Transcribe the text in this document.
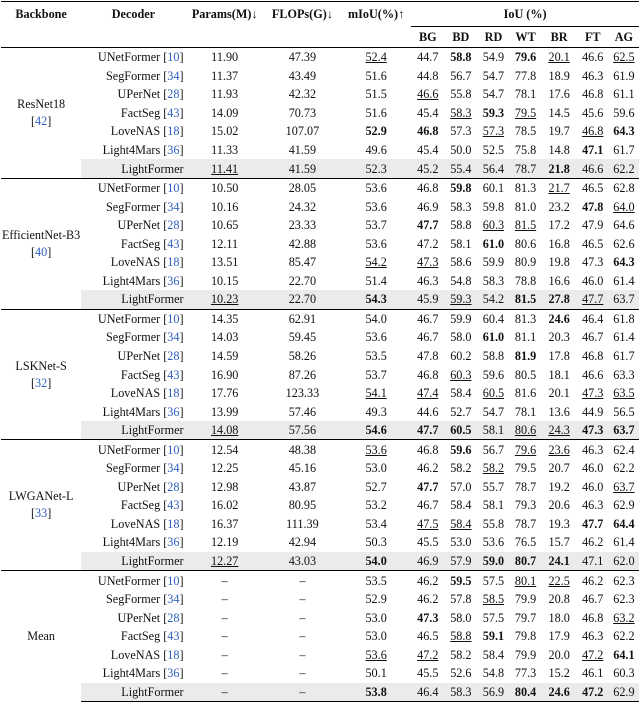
Backbone	Decoder	Params(M)↓	FLOPs(G)↓	mIoU(%)↑	IoU (%)						
					BG	BD	RD	WT	BR	FT	AG

ResNet18
[42]	UNetFormer [10]	11.90	47.39	52.4	44.7	58.8	54.9	79.6	20.1	46.6	62.5
	SegFormer [34]	11.37	43.49	51.6	44.8	56.7	54.7	77.8	18.9	46.3	61.9
	UPerNet [28]	11.93	42.32	51.5	46.6	55.8	54.7	78.1	17.6	46.8	61.1
	FactSeg [43]	14.09	70.73	51.6	45.4	58.3	59.3	79.5	14.5	45.6	59.6
	LoveNAS [18]	15.02	107.07	52.9	46.8	57.3	57.3	78.5	19.7	46.8	64.3
	Light4Mars [36]	11.33	41.59	49.6	45.4	50.0	52.5	75.8	14.8	47.1	61.7
	LightFormer	11.41	41.59	52.3	45.2	55.4	56.4	78.7	21.8	46.6	62.2

EfficientNet-B3
[40]	UNetFormer [10]	10.50	28.05	53.6	46.8	59.8	60.1	81.3	21.7	46.5	62.8
	SegFormer [34]	10.16	24.32	53.6	46.9	58.3	59.8	81.0	23.2	47.8	64.0
	UPerNet [28]	10.65	23.33	53.7	47.7	58.8	60.3	81.5	17.2	47.9	64.6
	FactSeg [43]	12.11	42.88	53.6	47.2	58.1	61.0	80.6	16.8	46.5	62.6
	LoveNAS [18]	13.51	85.47	54.2	47.3	58.6	59.9	80.9	19.8	47.3	64.3
	Light4Mars [36]	10.15	22.70	51.4	46.3	54.8	58.3	78.8	16.6	46.0	61.4
	LightFormer	10.23	22.70	54.3	45.9	59.3	54.2	81.5	27.8	47.7	63.7

LSKNet-S
[32]	UNetFormer [10]	14.35	62.91	54.0	46.7	59.9	60.4	81.3	24.6	46.4	61.8
	SegFormer [34]	14.03	59.45	53.6	46.7	58.0	61.0	81.1	20.3	46.7	61.4
	UPerNet [28]	14.59	58.26	53.5	47.8	60.2	58.8	81.9	17.8	46.8	61.7
	FactSeg [43]	16.90	87.26	53.7	46.8	60.3	59.6	80.5	18.1	46.6	63.3
	LoveNAS [18]	17.76	123.33	54.1	47.4	58.4	60.5	81.6	20.1	47.3	63.5
	Light4Mars [36]	13.99	57.46	49.3	44.6	52.7	54.7	78.1	13.6	44.9	56.5
	LightFormer	14.08	57.56	54.6	47.7	60.5	58.1	80.6	24.3	47.3	63.7

LWGANet-L
[33]	UNetFormer [10]	12.54	48.38	53.6	46.8	59.6	56.7	79.6	23.6	46.3	62.4
	SegFormer [34]	12.25	45.16	53.0	46.2	58.2	58.2	79.5	20.7	46.0	62.2
	UPerNet [28]	12.98	43.87	52.7	47.7	57.0	55.7	78.7	19.2	46.0	63.7
	FactSeg [43]	16.02	80.95	53.2	46.7	58.4	58.1	79.3	20.6	46.3	62.9
	LoveNAS [18]	16.37	111.39	53.4	47.5	58.4	55.8	78.7	19.3	47.7	64.4
	Light4Mars [36]	12.19	42.94	50.3	45.5	53.0	53.6	76.5	15.7	46.2	61.4
	LightFormer	12.27	43.03	54.0	46.9	57.9	59.0	80.7	24.1	47.1	62.0

Mean	UNetFormer [10]	–	–	53.5	46.2	59.5	57.5	80.1	22.5	46.2	62.3
	SegFormer [34]	–	–	52.9	46.2	57.8	58.5	79.9	20.8	46.7	62.3
	UPerNet [28]	–	–	53.0	47.3	58.0	57.5	79.7	18.0	46.8	63.2
	FactSeg [43]	–	–	53.0	46.5	58.8	59.1	79.8	17.9	46.3	62.2
	LoveNAS [18]	–	–	53.6	47.2	58.2	58.4	79.9	20.0	47.2	64.1
	Light4Mars [36]	–	–	50.1	45.5	52.6	54.8	77.3	15.2	46.1	60.3
	LightFormer	–	–	53.8	46.4	58.3	56.9	80.4	24.6	47.2	62.9
